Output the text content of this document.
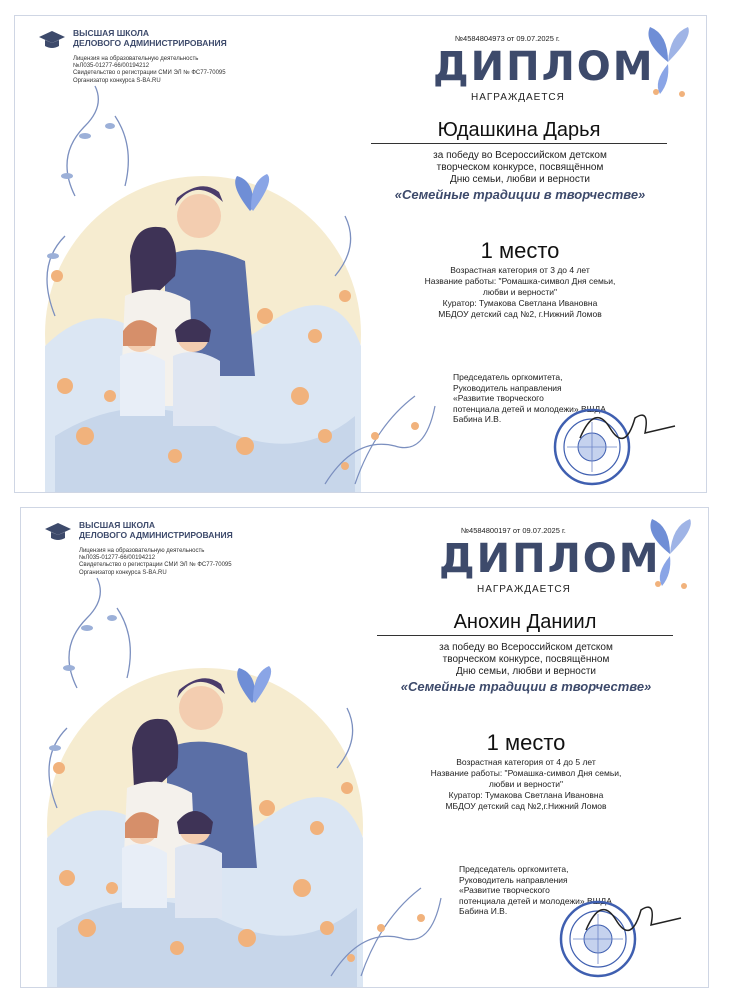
ВЫСШАЯ ШКОЛА
ДЕЛОВОГО АДМИНИСТРИРОВАНИЯ
Лицензия на образовательную деятельность
№Л035-01277-66/00194212
Свидетельство о регистрации СМИ ЭЛ № ФС77-70095
Организатор конкурса S-BA.RU
№4584804973 от 09.07.2025 г.
ДИПЛОМ
НАГРАЖДАЕТСЯ
Юдашкина Дарья
за победу во Всероссийском детском
творческом конкурсе, посвящённом
Дню семьи, любви и верности
«Семейные традиции в творчестве»
1 место
Возрастная категория от 3 до 4 лет
Название работы: "Ромашка-символ Дня семьи,
любви и верности"
Куратор: Тумакова Светлана Ивановна
МБДОУ детский сад №2, г.Нижний Ломов
Председатель оргкомитета,
Руководитель направления
«Развитие творческого
потенциала детей и молодежи» ВШДА
Бабина И.В.
ВЫСШАЯ ШКОЛА
ДЕЛОВОГО АДМИНИСТРИРОВАНИЯ
Лицензия на образовательную деятельность
№Л035-01277-66/00194212
Свидетельство о регистрации СМИ ЭЛ № ФС77-70095
Организатор конкурса S-BA.RU
№4584800197 от 09.07.2025 г.
ДИПЛОМ
НАГРАЖДАЕТСЯ
Анохин Даниил
за победу во Всероссийском детском
творческом конкурсе, посвящённом
Дню семьи, любви и верности
«Семейные традиции в творчестве»
1 место
Возрастная категория от 4 до 5 лет
Название работы: "Ромашка-символ Дня семьи,
любви и верности"
Куратор: Тумакова Светлана Ивановна
МБДОУ детский сад №2,г.Нижний Ломов
Председатель оргкомитета,
Руководитель направления
«Развитие творческого
потенциала детей и молодежи» ВШДА
Бабина И.В.
